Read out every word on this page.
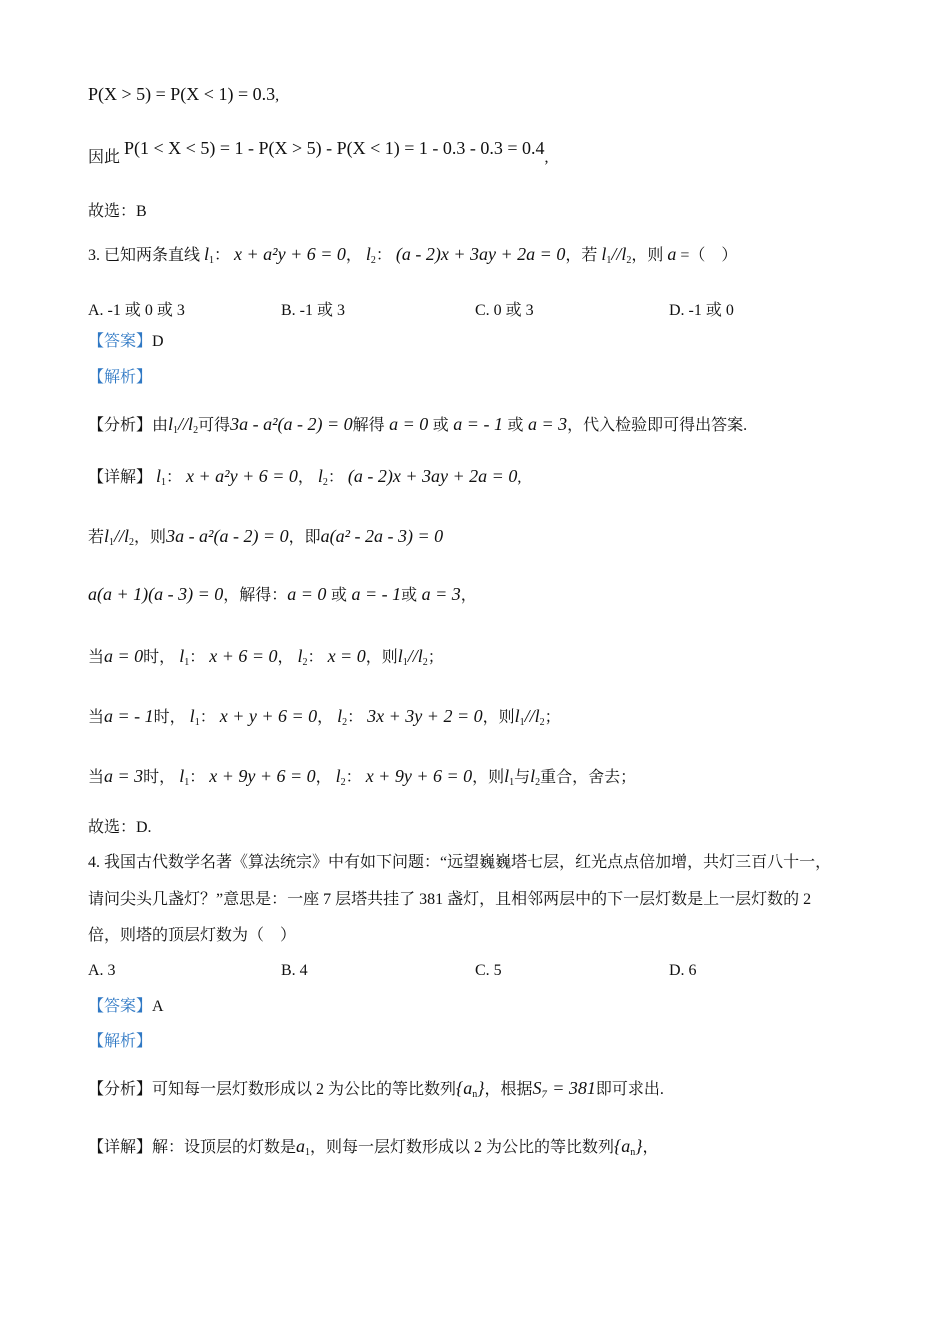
P(X > 5) = P(X < 1) = 0.3,
因此 P(1 < X < 5) = 1 - P(X > 5) - P(X < 1) = 1 - 0.3 - 0.3 = 0.4,
故选：B
3. 已知两条直线 $l_1$： x + a²y + 6 = 0， $l_2$： (a - 2)x + 3ay + 2a = 0，若 $l_1//l_2$，则 a =（　）
A. -1 或 0 或 3	B. -1 或 3	C. 0 或 3	D. -1 或 0
【答案】D
【解析】
【分析】由$l_1//l_2$可得3a - a²(a - 2) = 0解得 a = 0 或 a = - 1 或 a = 3，代入检验即可得出答案.
【详解】 $l_1$： x + a²y + 6 = 0， $l_2$： (a - 2)x + 3ay + 2a = 0,
若$l_1//l_2$，则3a - a²(a - 2) = 0，即a(a² - 2a - 3) = 0
a(a + 1)(a - 3) = 0，解得：a = 0 或 a = - 1或 a = 3，
当a = 0时， $l_1$： x + 6 = 0， $l_2$： x = 0，则$l_1//l_2$；
当a = - 1时， $l_1$： x + y + 6 = 0， $l_2$： 3x + 3y + 2 = 0，则$l_1//l_2$；
当a = 3时， $l_1$： x + 9y + 6 = 0， $l_2$： x + 9y + 6 = 0，则$l_1$与$l_2$重合，舍去；
故选：D.
4. 我国古代数学名著《算法统宗》中有如下问题：“远望巍巍塔七层，红光点点倍加增，共灯三百八十一，
请问尖头几盏灯？”意思是：一座 7 层塔共挂了 381 盏灯，且相邻两层中的下一层灯数是上一层灯数的 2
倍，则塔的顶层灯数为（　）
A. 3	B. 4	C. 5	D. 6
【答案】A
【解析】
【分析】可知每一层灯数形成以 2 为公比的等比数列$\{a_n\}$，根据S₇ = 381即可求出.
【详解】解：设顶层的灯数是$a_1$，则每一层灯数形成以 2 为公比的等比数列$\{a_n\}$，
